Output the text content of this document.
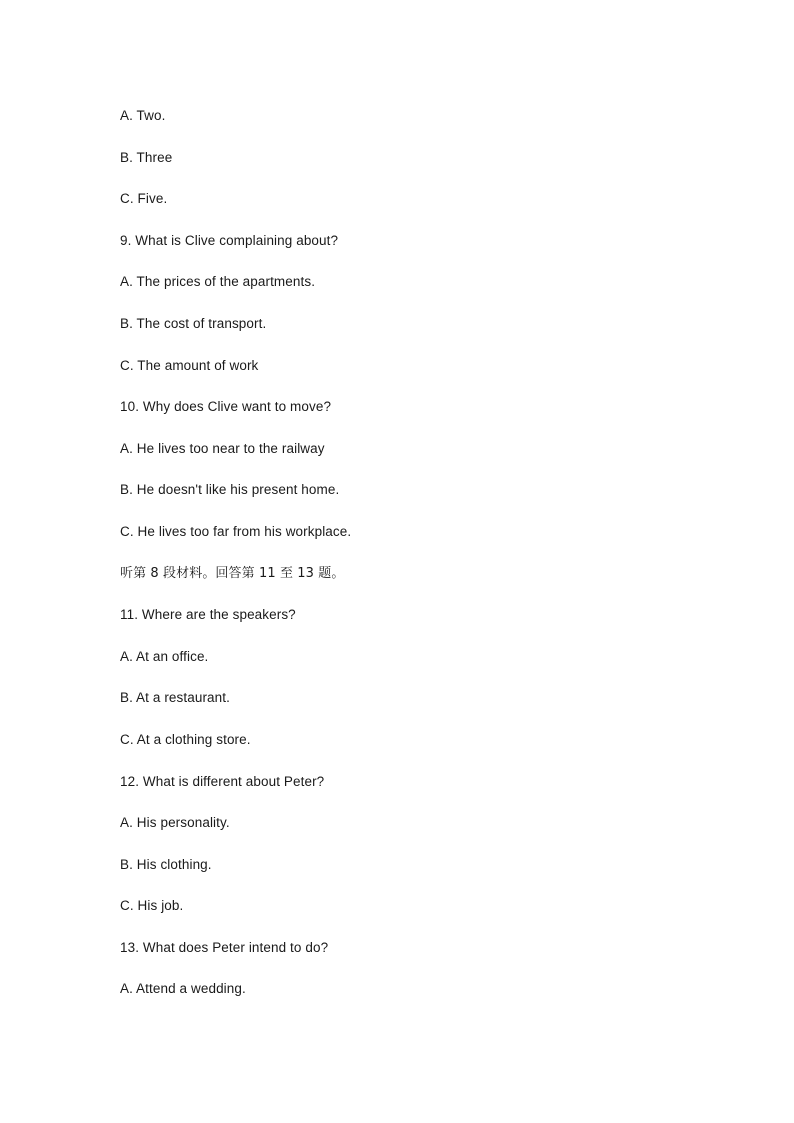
A. Two.
B. Three
C. Five.
9. What is Clive complaining about?
A. The prices of the apartments.
B. The cost of transport.
C. The amount of work
10. Why does Clive want to move?
A. He lives too near to the railway
B. He doesn't like his present home.
C. He lives too far from his workplace.
听第 8 段材料。回答第 11 至 13 题。
11. Where are the speakers?
A. At an office.
B. At a restaurant.
C. At a clothing store.
12. What is different about Peter?
A. His personality.
B. His clothing.
C. His job.
13. What does Peter intend to do?
A. Attend a wedding.
